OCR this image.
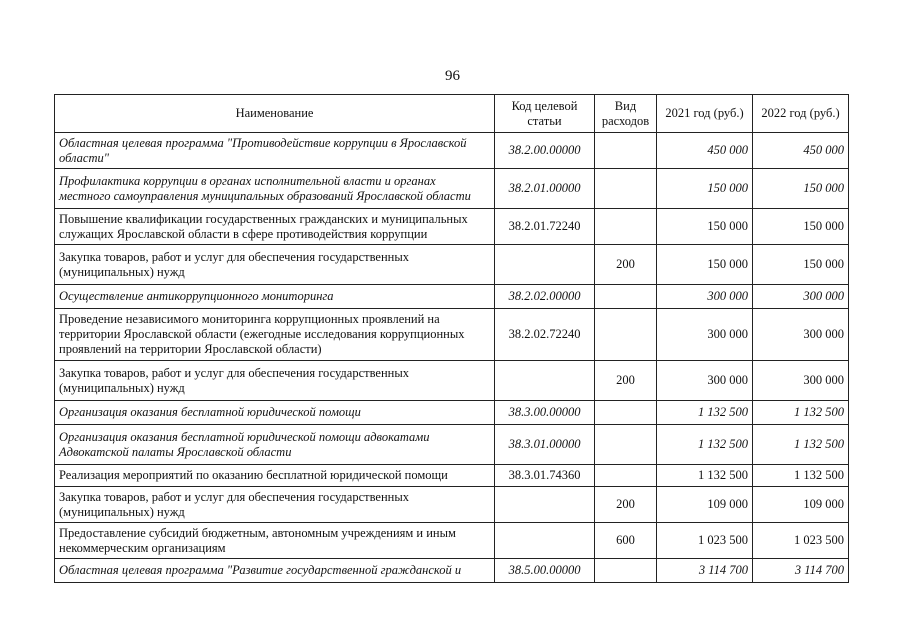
96
Наименование	Код целевой статьи	Вид расходов	2021 год (руб.)	2022 год (руб.)
Областная целевая программа "Противодействие коррупции в Ярославской области"	38.2.00.00000		450 000	450 000
Профилактика коррупции в органах исполнительной власти и органах местного самоуправления муниципальных образований Ярославской области	38.2.01.00000		150 000	150 000
Повышение квалификации государственных гражданских и муниципальных служащих Ярославской области в сфере противодействия коррупции	38.2.01.72240		150 000	150 000
Закупка товаров, работ и услуг для обеспечения государственных (муниципальных) нужд		200	150 000	150 000
Осуществление антикоррупционного мониторинга	38.2.02.00000		300 000	300 000
Проведение независимого мониторинга коррупционных проявлений на территории Ярославской области (ежегодные исследования коррупционных проявлений на территории Ярославской области)	38.2.02.72240		300 000	300 000
Закупка товаров, работ и услуг для обеспечения государственных (муниципальных) нужд		200	300 000	300 000
Организация оказания бесплатной юридической помощи	38.3.00.00000		1 132 500	1 132 500
Организация оказания бесплатной юридической помощи адвокатами Адвокатской палаты Ярославской области	38.3.01.00000		1 132 500	1 132 500
Реализация мероприятий по оказанию бесплатной юридической помощи	38.3.01.74360		1 132 500	1 132 500
Закупка товаров, работ и услуг для обеспечения государственных (муниципальных) нужд		200	109 000	109 000
Предоставление субсидий бюджетным, автономным учреждениям и иным некоммерческим организациям		600	1 023 500	1 023 500
Областная целевая программа "Развитие государственной гражданской и	38.5.00.00000		3 114 700	3 114 700
